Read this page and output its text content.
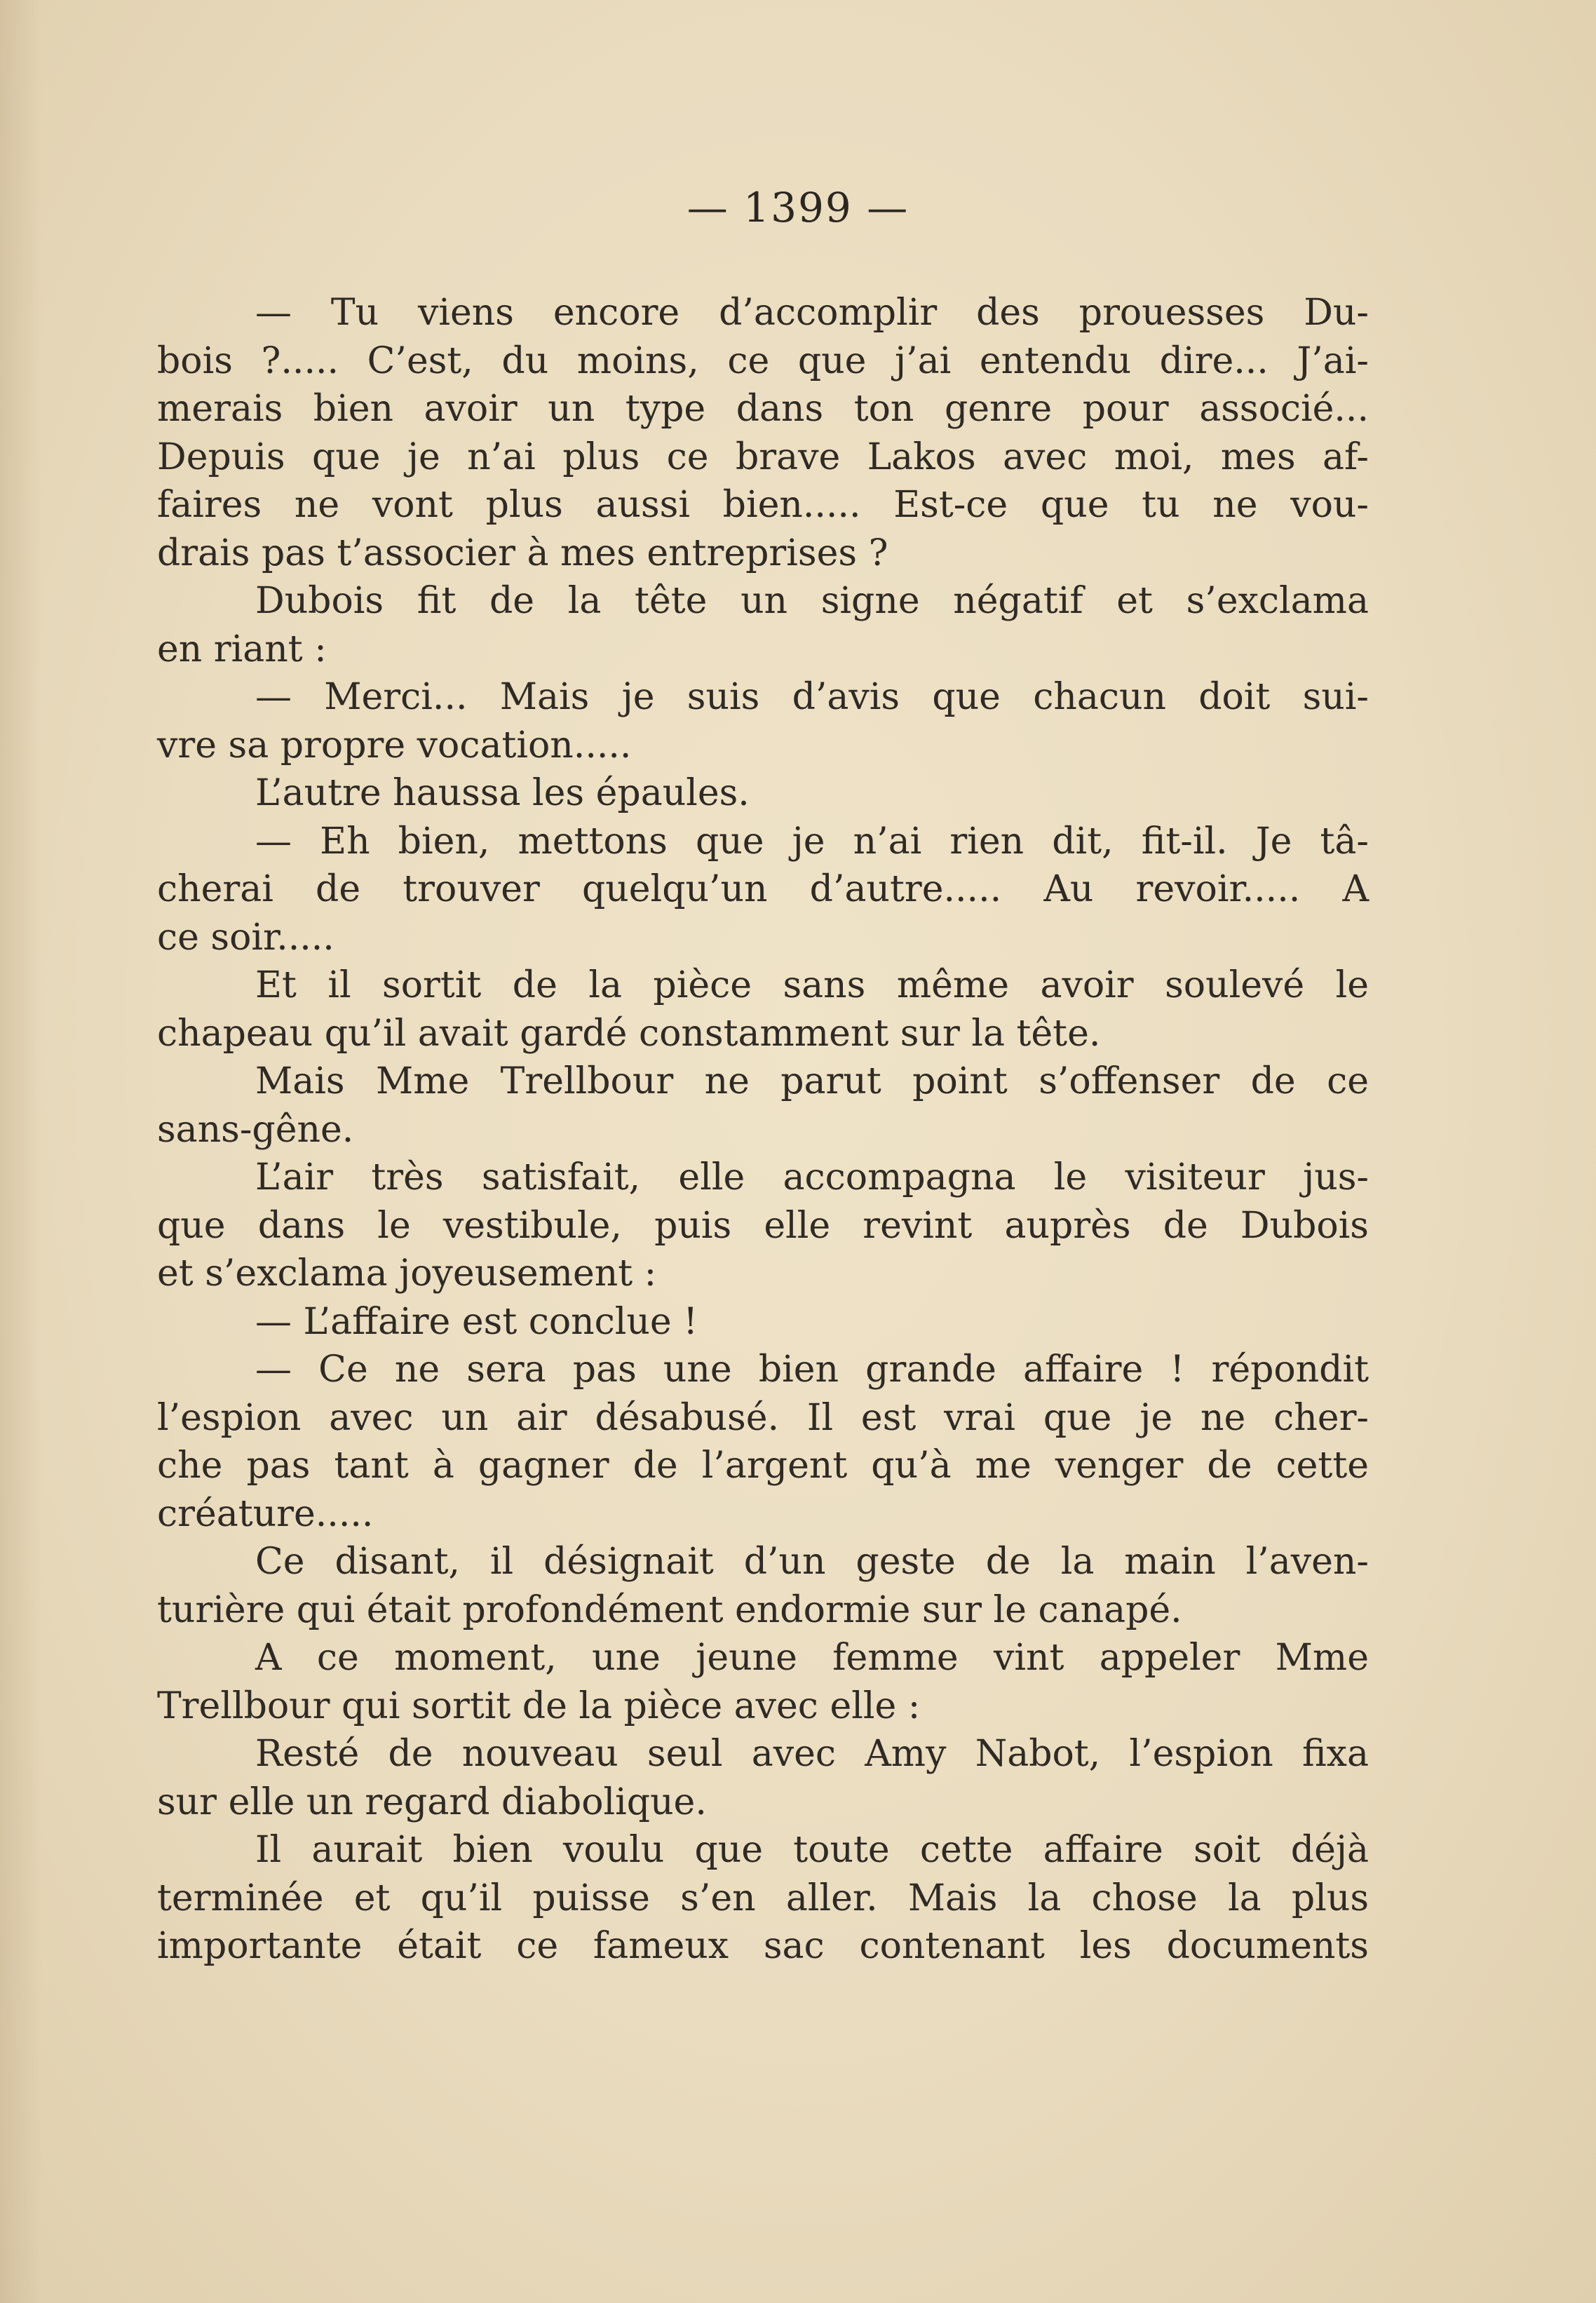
— 1399 —
— Tu viens encore d’accomplir des prouesses Du-
bois ?..... C’est, du moins, ce que j’ai entendu dire... J’ai-
merais bien avoir un type dans ton genre pour associé...
Depuis que je n’ai plus ce brave Lakos avec moi, mes af-
faires ne vont plus aussi bien..... Est-ce que tu ne vou-
drais pas t’associer à mes entreprises ?
Dubois fit de la tête un signe négatif et s’exclama
en riant :
— Merci... Mais je suis d’avis que chacun doit sui-
vre sa propre vocation.....
L’autre haussa les épaules.
— Eh bien, mettons que je n’ai rien dit, fit-il. Je tâ-
cherai de trouver quelqu’un d’autre..... Au revoir..... A
ce soir.....
Et il sortit de la pièce sans même avoir soulevé le
chapeau qu’il avait gardé constamment sur la tête.
Mais Mme Trellbour ne parut point s’offenser de ce
sans-gêne.
L’air très satisfait, elle accompagna le visiteur jus-
que dans le vestibule, puis elle revint auprès de Dubois
et s’exclama joyeusement :
— L’affaire est conclue !
— Ce ne sera pas une bien grande affaire ! répondit
l’espion avec un air désabusé. Il est vrai que je ne cher-
che pas tant à gagner de l’argent qu’à me venger de cette
créature.....
Ce disant, il désignait d’un geste de la main l’aven-
turière qui était profondément endormie sur le canapé.
A ce moment, une jeune femme vint appeler Mme
Trellbour qui sortit de la pièce avec elle :
Resté de nouveau seul avec Amy Nabot, l’espion fixa
sur elle un regard diabolique.
Il aurait bien voulu que toute cette affaire soit déjà
terminée et qu’il puisse s’en aller. Mais la chose la plus
importante était ce fameux sac contenant les documents
